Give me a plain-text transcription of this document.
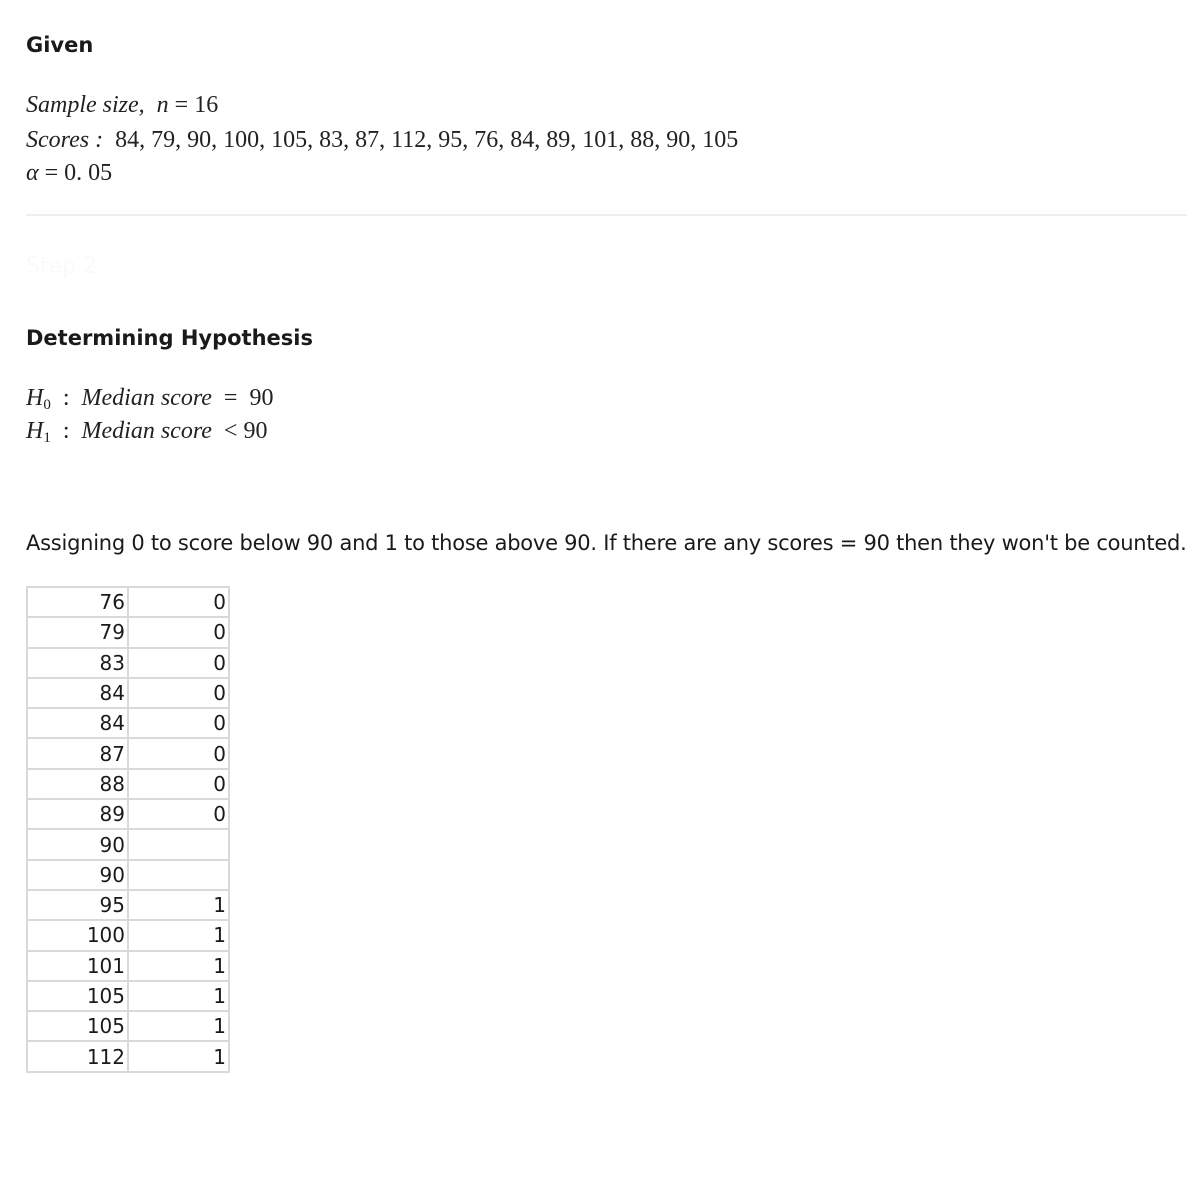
Given
Sample size, n = 16
Scores : 84, 79, 90, 100, 105, 83, 87, 112, 95, 76, 84, 89, 101, 88, 90, 105
α = 0. 05
Step 2
Determining Hypothesis
$H_0$  :  Median score =  90
$H_1$  :  Median score < 90

Assigning 0 to score below 90 and 1 to those above 90. If there are any scores = 90 then they won't be counted.

76	0
79	0
83	0
84	0
84	0
87	0
88	0
89	0
90	
90	
95	1
100	1
101	1
105	1
105	1
112	1
